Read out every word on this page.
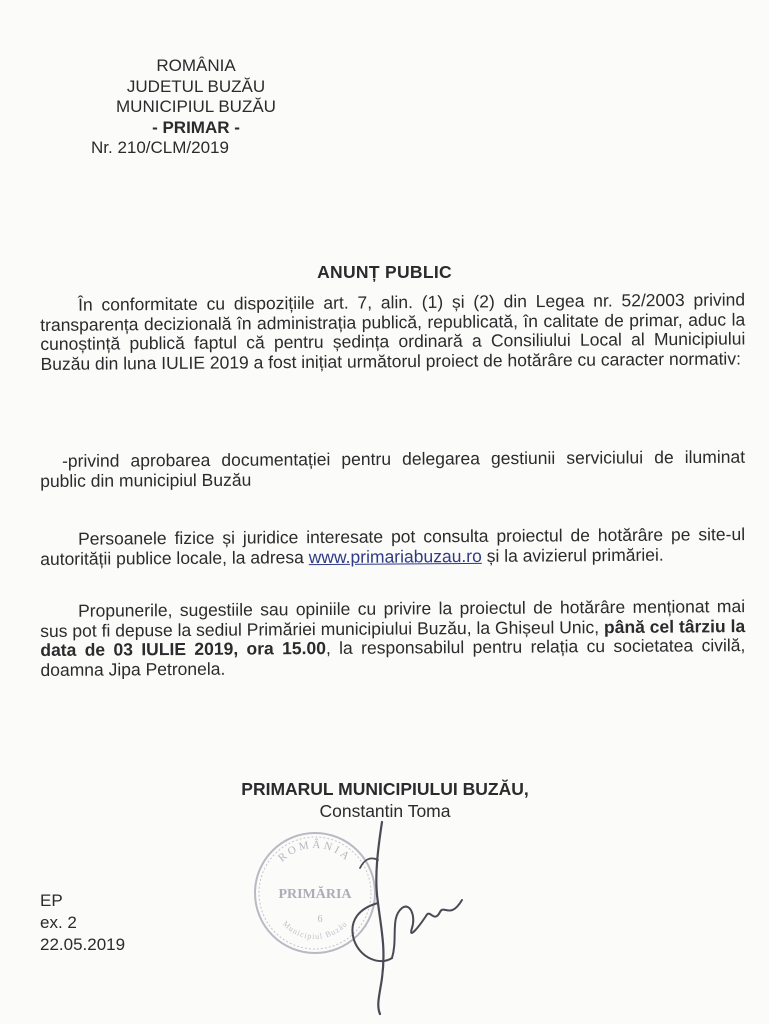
ROMÂNIA
JUDETUL BUZĂU
MUNICIPIUL BUZĂU
- PRIMAR -
Nr. 210/CLM/2019
ANUNȚ PUBLIC

În conformitate cu dispozițiile art. 7, alin. (1) și (2) din Legea nr. 52/2003 privind transparența decizională în administrația publică, republicată, în calitate de primar, aduc la cunoștință publică faptul că pentru ședința ordinară a Consiliului Local al Municipiului Buzău din luna IULIE 2019 a fost inițiat următorul proiect de hotărâre cu caracter normativ:

-privind aprobarea documentației pentru delegarea gestiunii serviciului de iluminat public din municipiul Buzău

Persoanele fizice și juridice interesate pot consulta proiectul de hotărâre pe site-ul autorității publice locale, la adresa www.primariabuzau.ro și la avizierul primăriei.

Propunerile, sugestiile sau opiniile cu privire la proiectul de hotărâre menționat mai sus pot fi depuse la sediul Primăriei municipiului Buzău, la Ghișeul Unic, până cel târziu la data de 03 IULIE 2019, ora 15.00, la responsabilul pentru relația cu societatea civilă, doamna Jipa Petronela.

PRIMARUL MUNICIPIULUI BUZĂU,
Constantin Toma
ROMÂNIA
Municipiul Buzău
PRIMĂRIA
6
EP
ex. 2
22.05.2019
